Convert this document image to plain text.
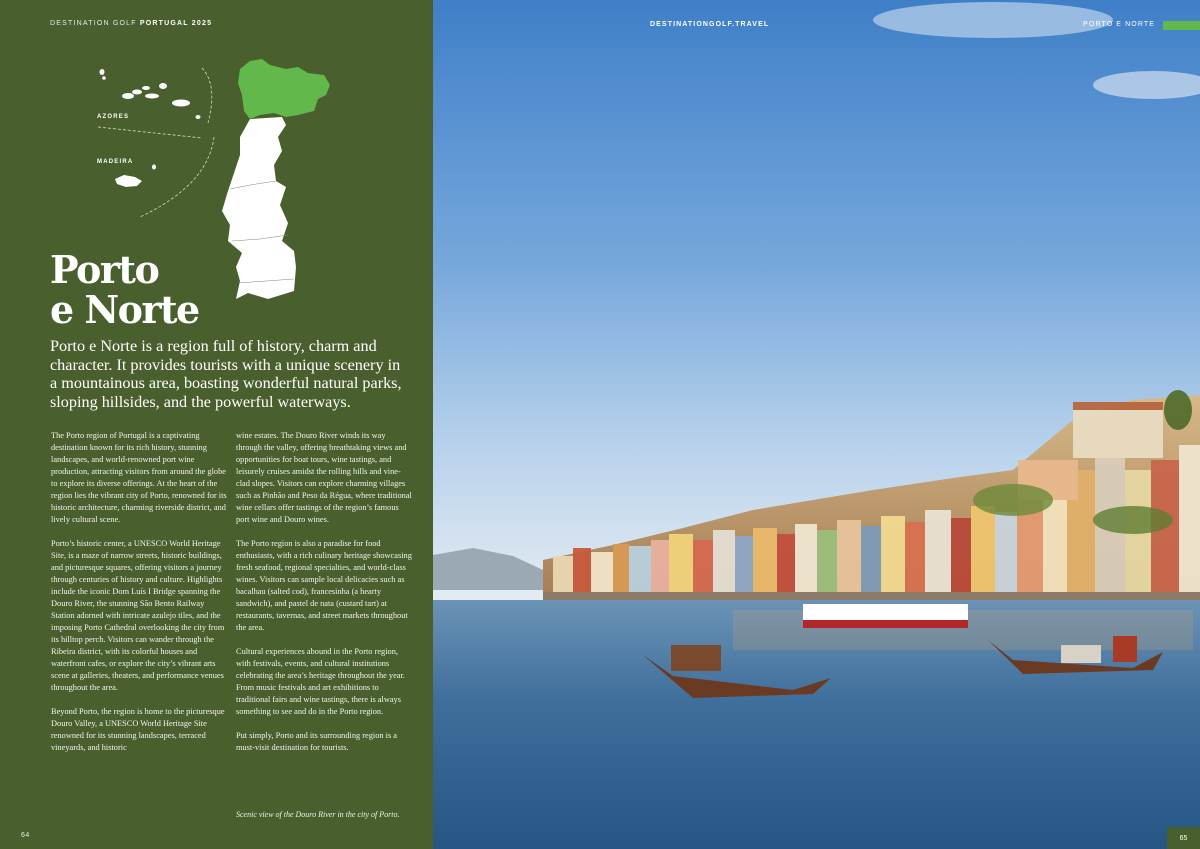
DESTINATION GOLF PORTUGAL 2025
AZORES
MADEIRA
Porto
e Norte

Porto e Norte is a region full of history, charm and character. It provides tourists with a unique scenery in a mountainous area, boasting wonderful natural parks, sloping hillsides, and the powerful waterways.

The Porto region of Portugal is a captivating destination known for its rich history, stunning landscapes, and world-renowned port wine production, attracting visitors from around the globe to explore its diverse offerings. At the heart of the region lies the vibrant city of Porto, renowned for its historic architecture, charming riverside district, and lively cultural scene.

Porto’s historic center, a UNESCO World Heritage Site, is a maze of narrow streets, historic buildings, and picturesque squares, offering visitors a journey through centuries of history and culture. Highlights include the iconic Dom Luís I Bridge spanning the Douro River, the stunning São Bento Railway Station adorned with intricate azulejo tiles, and the imposing Porto Cathedral overlooking the city from its hilltop perch. Visitors can wander through the Ribeira district, with its colorful houses and waterfront cafes, or explore the city’s vibrant arts scene at galleries, theaters, and performance venues throughout the area.

Beyond Porto, the region is home to the picturesque Douro Valley, a UNESCO World Heritage Site renowned for its stunning landscapes, terraced vineyards, and historic

wine estates. The Douro River winds its way through the valley, offering breathtaking views and opportunities for boat tours, wine tastings, and leisurely cruises amidst the rolling hills and vine-clad slopes. Visitors can explore charming villages such as Pinhão and Peso da Régua, where traditional wine cellars offer tastings of the region’s famous port wine and Douro wines.

The Porto region is also a paradise for food enthusiasts, with a rich culinary heritage showcasing fresh seafood, regional specialties, and world-class wines. Visitors can sample local delicacies such as bacalhau (salted cod), francesinha (a hearty sandwich), and pastel de nata (custard tart) at restaurants, tavernas, and street markets throughout the area.

Cultural experiences abound in the Porto region, with festivals, events, and cultural institutions celebrating the area’s heritage throughout the year. From music festivals and art exhibitions to traditional fairs and wine tastings, there is always something to see and do in the Porto region.

Put simply, Porto and its surrounding region is a must-visit destination for tourists.

Scenic view of the Douro River in the city of Porto.
64
DESTINATIONGOLF.TRAVEL	PORTO E NORTE
65
